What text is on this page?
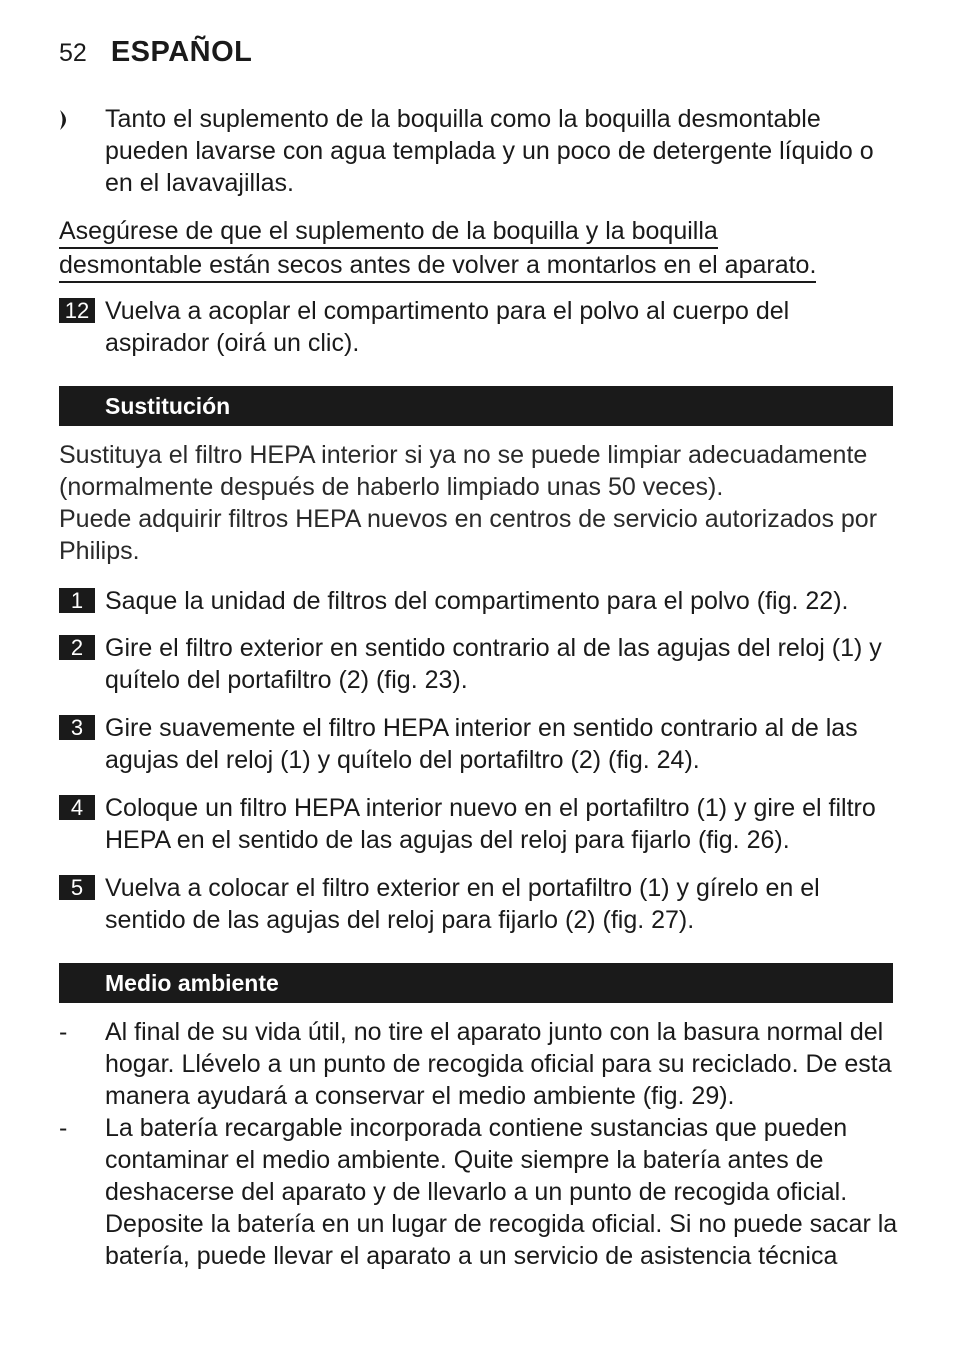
52 ESPAÑOL
Tanto el suplemento de la boquilla como la boquilla desmontable pueden lavarse con agua templada y un poco de detergente líquido o en el lavavajillas.
Asegúrese de que el suplemento de la boquilla y la boquilla
desmontable están secos antes de volver a montarlos en el aparato.
12 Vuelva a acoplar el compartimento para el polvo al cuerpo del aspirador (oirá un clic).
Sustitución
Sustituya el filtro HEPA interior si ya no se puede limpiar adecuadamente (normalmente después de haberlo limpiado unas 50 veces).
Puede adquirir filtros HEPA nuevos en centros de servicio autorizados por Philips.
1 Saque la unidad de filtros del compartimento para el polvo (fig. 22).
2 Gire el filtro exterior en sentido contrario al de las agujas del reloj (1) y quítelo del portafiltro (2) (fig. 23).
3 Gire suavemente el filtro HEPA interior en sentido contrario al de las agujas del reloj (1) y quítelo del portafiltro (2) (fig. 24).
4 Coloque un filtro HEPA interior nuevo en el portafiltro (1) y gire el filtro HEPA en el sentido de las agujas del reloj para fijarlo (fig. 26).
5 Vuelva a colocar el filtro exterior en el portafiltro (1) y gírelo en el sentido de las agujas del reloj para fijarlo (2) (fig. 27).
Medio ambiente
-	Al final de su vida útil, no tire el aparato junto con la basura normal del hogar. Llévelo a un punto de recogida oficial para su reciclado. De esta manera ayudará a conservar el medio ambiente (fig. 29).
-	La batería recargable incorporada contiene sustancias que pueden contaminar el medio ambiente. Quite siempre la batería antes de deshacerse del aparato y de llevarlo a un punto de recogida oficial. Deposite la batería en un lugar de recogida oficial. Si no puede sacar la batería, puede llevar el aparato a un servicio de asistencia técnica
